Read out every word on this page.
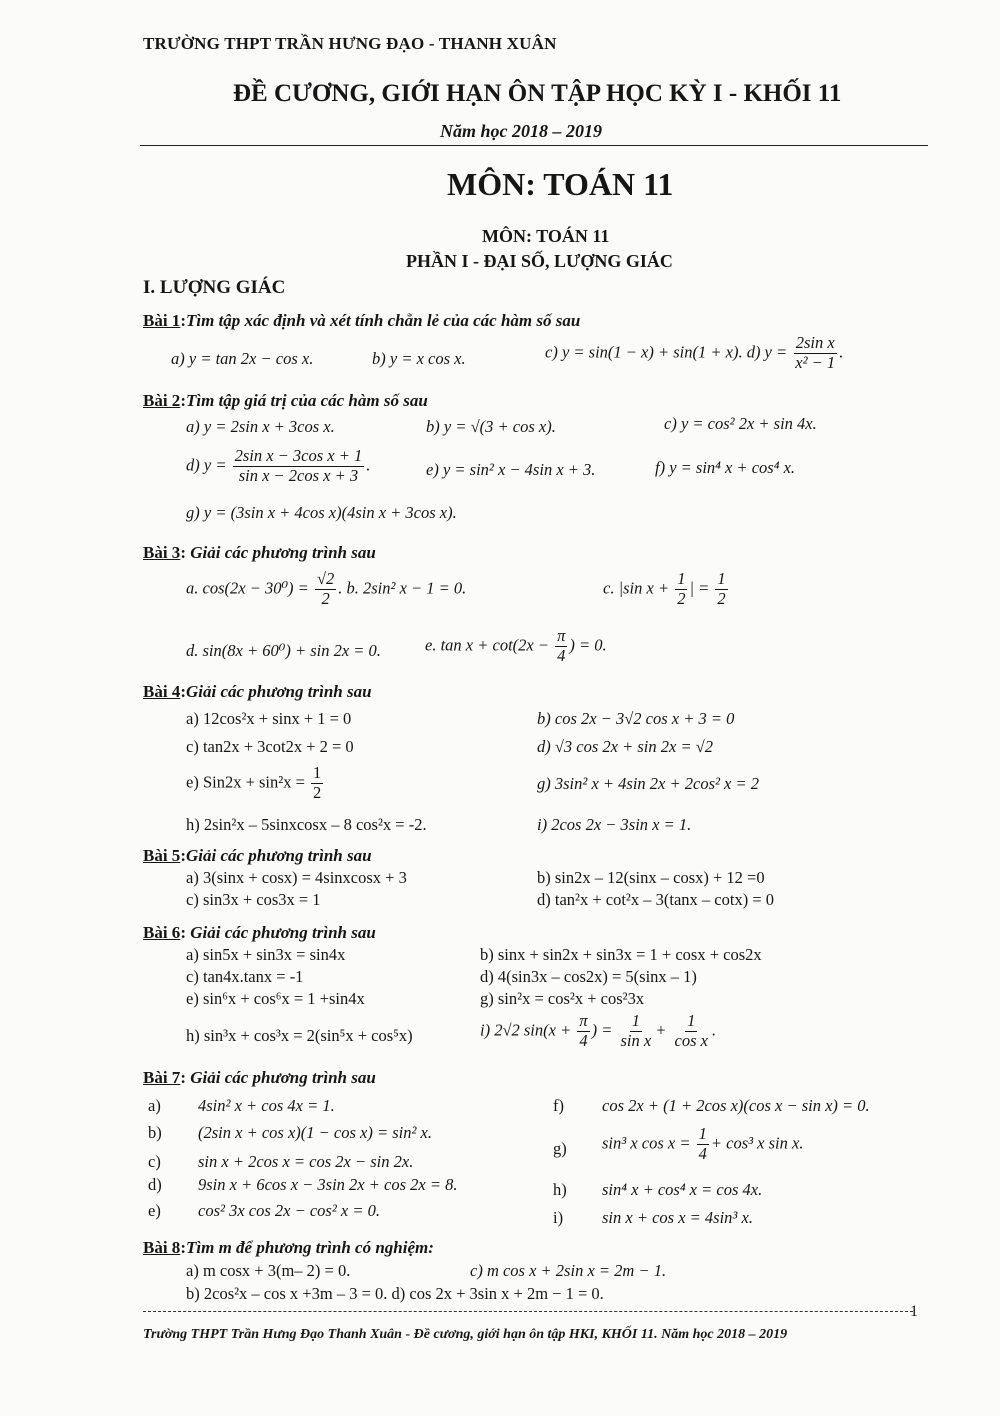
TRƯỜNG THPT TRẦN HƯNG ĐẠO - THANH XUÂN
ĐỀ CƯƠNG, GIỚI HẠN ÔN TẬP HỌC KỲ I - KHỐI 11
Năm học 2018 – 2019
MÔN: TOÁN 11
MÔN: TOÁN 11
PHẦN I - ĐẠI SỐ, LƯỢNG GIÁC
I. LƯỢNG GIÁC
Bài 1:Tìm tập xác định và xét tính chẵn lẻ của các hàm số sau
a) y = tan 2x − cos x.	b) y = x cos x.	c) y = sin(1 − x) + sin(1 + x). d) $y = \frac{\text{2sin x}}{\text{x² − 1}}$ .
Bài 2:Tìm tập giá trị của các hàm số sau
a) y = 2sin x + 3cos x.	b) y = √(3 + cos x).	c) y = cos² 2x + sin 4x.
d) $y = \frac{\text{2sin x − 3cos x + 1}}{\text{sin x − 2cos x + 3}}$ .	e) y = sin² x − 4sin x + 3.	f) y = sin⁴ x + cos⁴ x.
g) y = (3sin x + 4cos x)(4sin x + 3cos x).
Bài 3: Giải các phương trình sau
a. $\cos(2x - 30^0) = \frac{√2}{2}$ . b. 2sin² x − 1 = 0.	c. |sin $x + \frac{1}{2}$ | = $\frac{1}{2}$
d. sin(8x + 60⁰) + sin 2x = 0.	e. $\tan x + \cot(2x - \frac{\pi}{4}$ ) = 0.
Bài 4:Giải các phương trình sau
a) 12cos²x + sinx + 1 = 0	b) cos 2x − 3√2 cos x + 3 = 0
c) tan2x + 3cot2x + 2 = 0	d) √3 cos 2x + sin 2x = √2
e) $Sin2x + \sin^2x = \frac{1}{2}$	g) 3sin² x + 4sin 2x + 2cos² x = 2
h) 2sin²x – 5sinxcosx – 8 cos²x = -2.	i) 2cos 2x − 3sin x = 1.
Bài 5:Giải các phương trình sau
a) 3(sinx + cosx) = 4sinxcosx + 3	b) sin2x – 12(sinx – cosx) + 12 =0
c) sin3x + cos3x = 1	d) tan²x + cot²x – 3(tanx – cotx) = 0
Bài 6: Giải các phương trình sau
a) sin5x + sin3x = sin4x	b) sinx + sin2x + sin3x = 1 + cosx + cos2x
c) tan4x.tanx = -1	d) 4(sin3x – cos2x) = 5(sinx – 1)
e) sin⁶x + cos⁶x = 1 +sin4x	g) sin²x = cos²x + cos²3x
h) sin³x + cos³x = 2(sin⁵x + cos⁵x)	i) 2√2 $\sin(x + \frac{\pi}{4}$ ) = $\frac{1}{\text{sin x}} + \frac{1}{\text{cos x}}$ .
Bài 7: Giải các phương trình sau
a) 4sin² x + cos 4x = 1.
b) (2sin x + cos x)(1 − cos x) = sin² x.
c) sin x + 2cos x = cos 2x − sin 2x.
d) 9sin x + 6cos x − 3sin 2x + cos 2x = 8.
e) cos² 3x cos 2x − cos² x = 0.
f) cos 2x + (1 + 2cos x)(cos x − sin x) = 0.
g) sin³ x $\cos x = \frac{1}{4} + \cos^3$ x sin x.
h) sin⁴ x + cos⁴ x = cos 4x.
i) sin x + cos x = 4sin³ x.
Bài 8:Tìm m để phương trình có nghiệm:
a) m cosx + 3(m– 2) = 0.	c) m cos x + 2sin x = 2m − 1.
b) 2cos²x – cos x +3m – 3 = 0. d) cos 2x + 3sin x + 2m − 1 = 0.
1
Trường THPT Trần Hưng Đạo Thanh Xuân - Đề cương, giới hạn ôn tập HKI, KHỐI 11. Năm học 2018 – 2019
